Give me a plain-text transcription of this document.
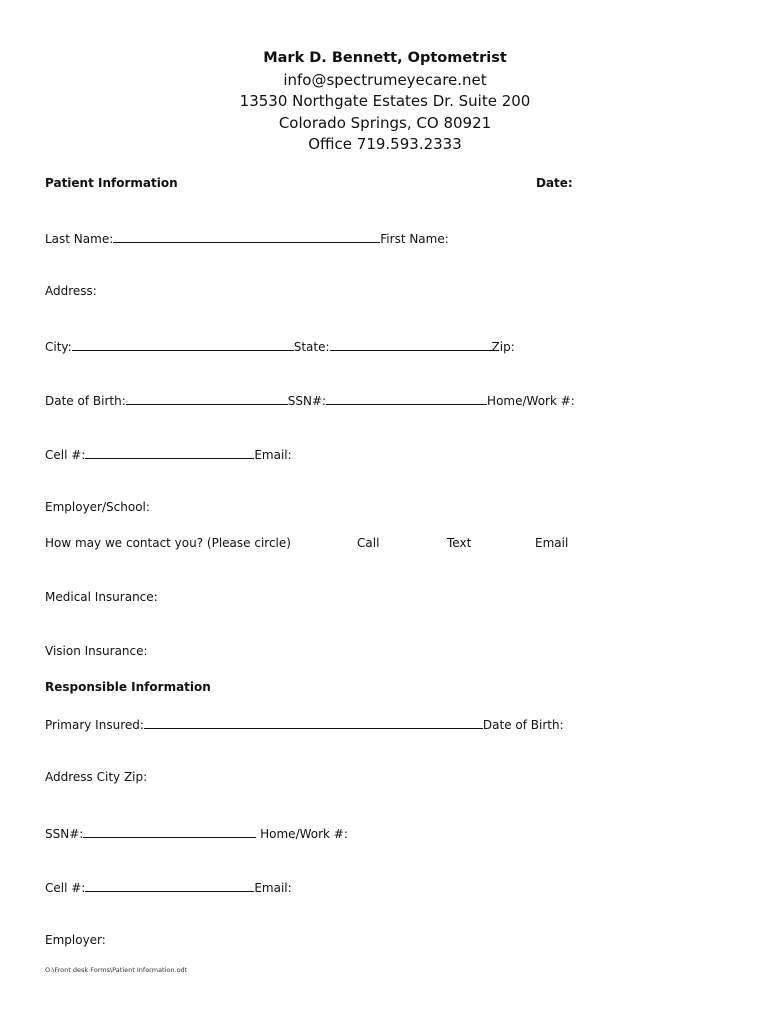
Mark D. Bennett, Optometrist
info@spectrumeyecare.net
13530 Northgate Estates Dr. Suite 200
Colorado Springs, CO 80921
Office 719.593.2333
Patient Information	Date:
Last Name:	First Name:
Address:
City:	State:	Zip:
Date of Birth:	SSN#:	Home/Work #:
Cell #:	Email:
Employer/School:
How may we contact you? (Please circle)	Call	Text	Email
Medical Insurance:
Vision Insurance:
Responsible Information
Primary Insured:	Date of Birth:
Address City Zip:
SSN#:	Home/Work #:
Cell #:	Email:
Employer:
O:\Front desk Forms\Patient Information.odt
